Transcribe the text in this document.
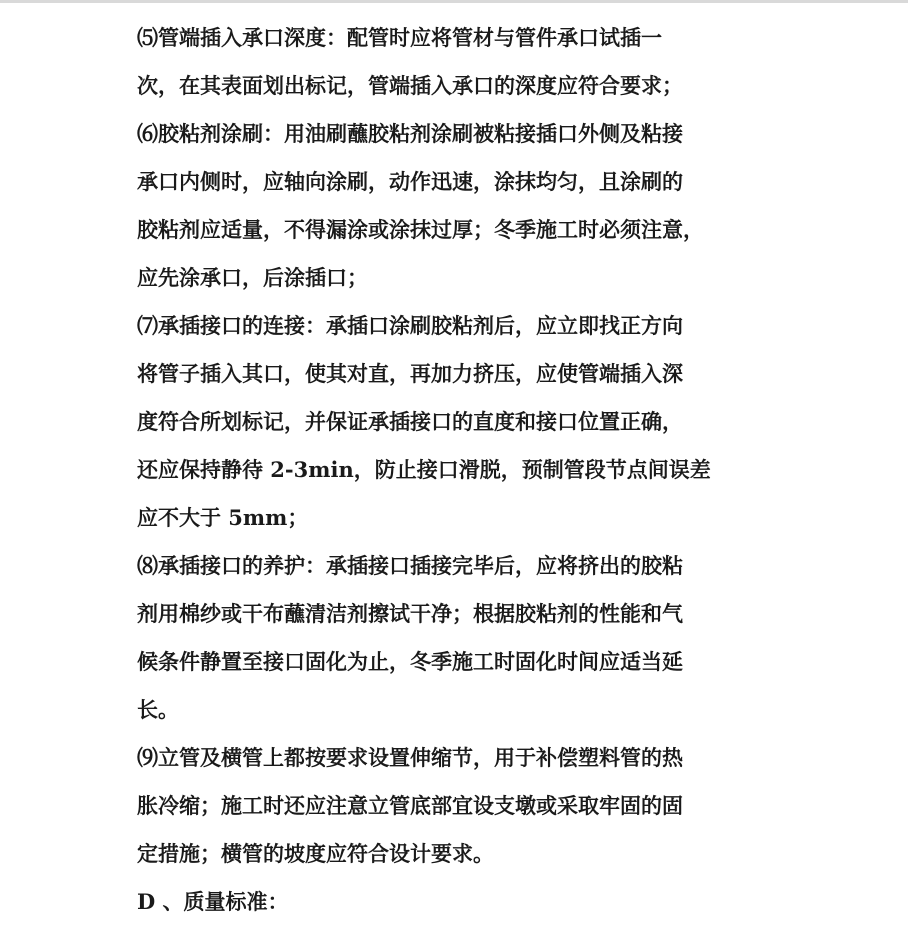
⑸管端插入承口深度：配管时应将管材与管件承口试插一
次，在其表面划出标记，管端插入承口的深度应符合要求；
⑹胶粘剂涂刷：用油刷蘸胶粘剂涂刷被粘接插口外侧及粘接
承口内侧时，应轴向涂刷，动作迅速，涂抹均匀，且涂刷的
胶粘剂应适量，不得漏涂或涂抹过厚；冬季施工时必须注意，
应先涂承口，后涂插口；
⑺承插接口的连接：承插口涂刷胶粘剂后，应立即找正方向
将管子插入其口，使其对直，再加力挤压，应使管端插入深
度符合所划标记，并保证承插接口的直度和接口位置正确，
还应保持静待 2-3min，防止接口滑脱，预制管段节点间误差
应不大于 5mm；
⑻承插接口的养护：承插接口插接完毕后，应将挤出的胶粘
剂用棉纱或干布蘸清洁剂擦试干净；根据胶粘剂的性能和气
候条件静置至接口固化为止，冬季施工时固化时间应适当延
长。
⑼立管及横管上都按要求设置伸缩节，用于补偿塑料管的热
胀冷缩；施工时还应注意立管底部宜设支墩或采取牢固的固
定措施；横管的坡度应符合设计要求。
D 、质量标准：
